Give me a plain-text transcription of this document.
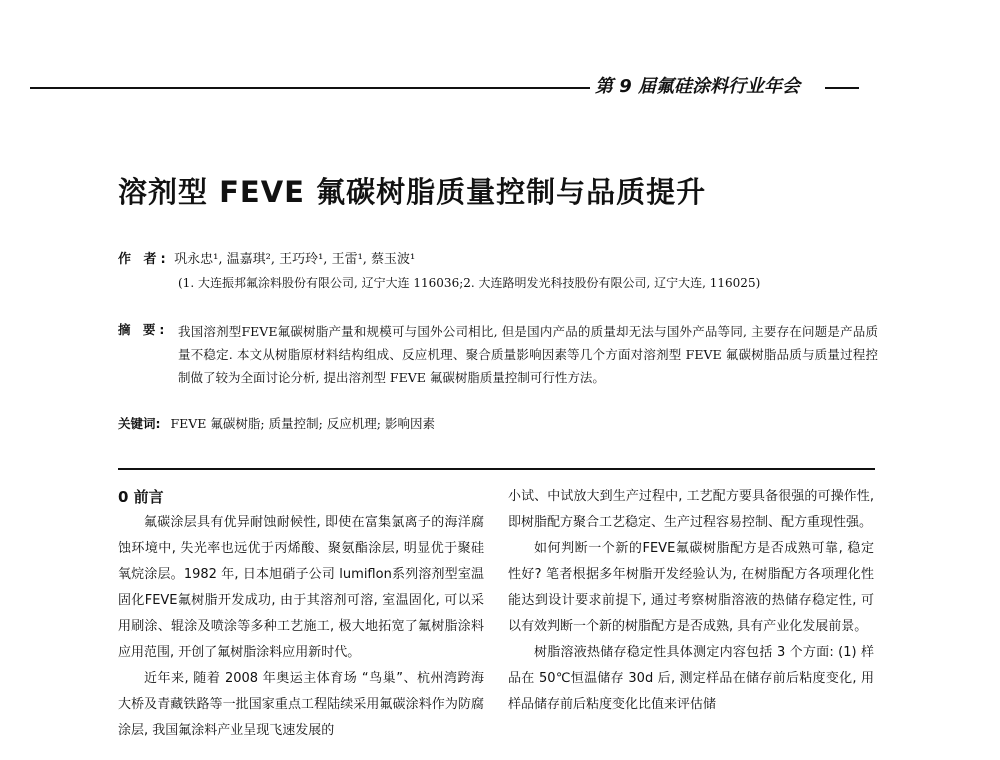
第 9 届氟硅涂料行业年会
溶剂型 FEVE 氟碳树脂质量控制与品质提升
作 者: 巩永忠¹, 温嘉琪², 王巧玲¹, 王雷¹, 蔡玉波¹
(1. 大连振邦氟涂料股份有限公司, 辽宁大连 116036;2. 大连路明发光科技股份有限公司, 辽宁大连, 116025)
摘 要: 我国溶剂型FEVE氟碳树脂产量和规模可与国外公司相比, 但是国内产品的质量却无法与国外产品等同, 主要存在问题是产品质量不稳定. 本文从树脂原材料结构组成、反应机理、聚合质量影响因素等几个方面对溶剂型 FEVE 氟碳树脂品质与质量过程控制做了较为全面讨论分析, 提出溶剂型 FEVE 氟碳树脂质量控制可行性方法。
关键词: FEVE 氟碳树脂; 质量控制; 反应机理; 影响因素
0 前言

氟碳涂层具有优异耐蚀耐候性, 即使在富集氯离子的海洋腐蚀环境中, 失光率也远优于丙烯酸、聚氨酯涂层, 明显优于聚硅氧烷涂层。1982 年, 日本旭硝子公司 lumiflon系列溶剂型室温固化FEVE氟树脂开发成功, 由于其溶剂可溶, 室温固化, 可以采用刷涂、辊涂及喷涂等多种工艺施工, 极大地拓宽了氟树脂涂料应用范围, 开创了氟树脂涂料应用新时代。

近年来, 随着 2008 年奥运主体育场 “鸟巢”、杭州湾跨海大桥及青藏铁路等一批国家重点工程陆续采用氟碳涂料作为防腐涂层, 我国氟涂料产业呈现飞速发展的

小试、中试放大到生产过程中, 工艺配方要具备很强的可操作性, 即树脂配方聚合工艺稳定、生产过程容易控制、配方重现性强。

如何判断一个新的FEVE氟碳树脂配方是否成熟可靠, 稳定性好? 笔者根据多年树脂开发经验认为, 在树脂配方各项理化性能达到设计要求前提下, 通过考察树脂溶液的热储存稳定性, 可以有效判断一个新的树脂配方是否成熟, 具有产业化发展前景。

树脂溶液热储存稳定性具体测定内容包括 3 个方面: (1) 样品在 50℃恒温储存 30d 后, 测定样品在储存前后粘度变化, 用样品储存前后粘度变化比值来评估储
